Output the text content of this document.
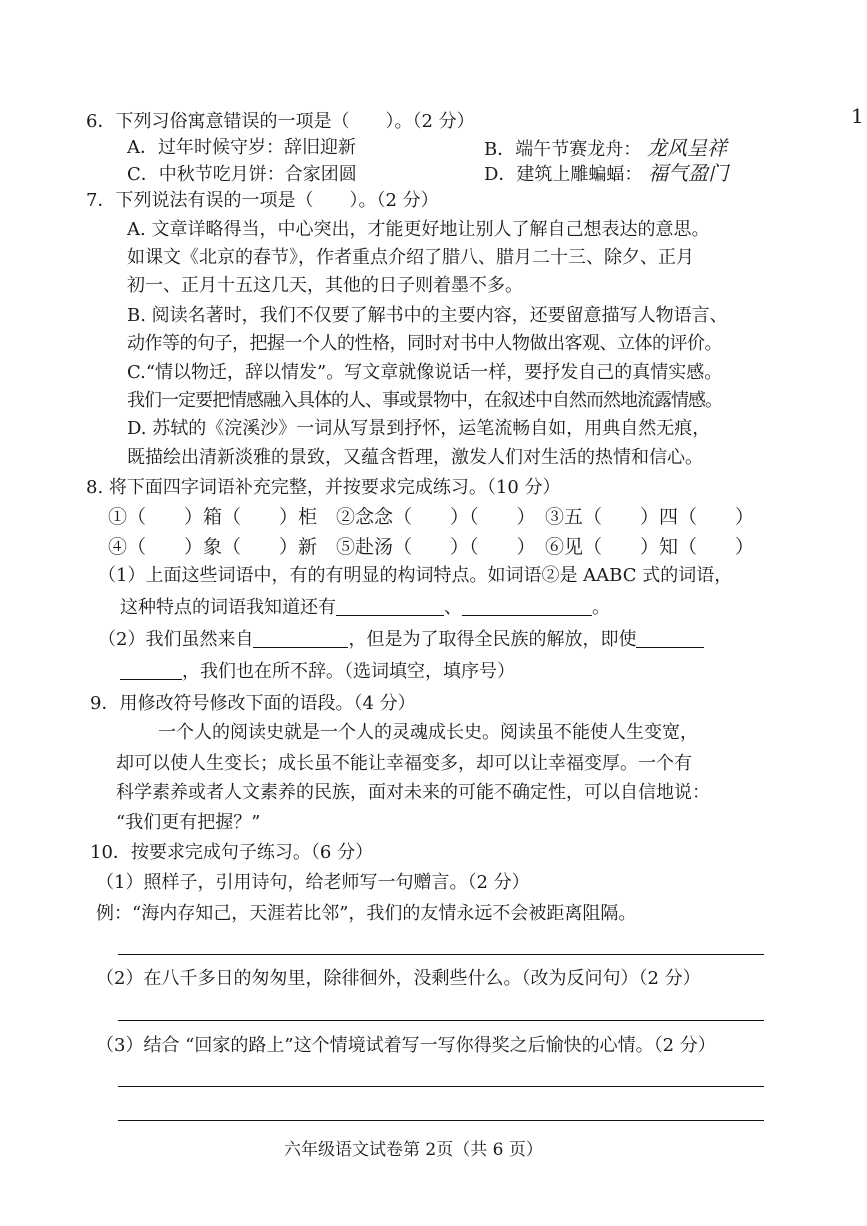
1
6．下列习俗寓意错误的一项是（　　）。（2 分）
A．过年时候守岁：辞旧迎新	B．端午节赛龙舟： 龙风呈祥
C．中秋节吃月饼：合家团圆	D．建筑上雕蝙蝠： 福气盈门
7．下列说法有误的一项是（　　）。（2 分）
A. 文章详略得当，中心突出，才能更好地让别人了解自己想表达的意思。
如课文《北京的春节》，作者重点介绍了腊八、腊月二十三、除夕、正月
初一、正月十五这几天，其他的日子则着墨不多。
B. 阅读名著时，我们不仅要了解书中的主要内容，还要留意描写人物语言、
动作等的句子，把握一个人的性格，同时对书中人物做出客观、立体的评价。
C.“情以物迁，辞以情发”。写文章就像说话一样，要抒发自己的真情实感。
我们一定要把情感融入具体的人、事或景物中，在叙述中自然而然地流露情感。
D. 苏轼的《浣溪沙》一词从写景到抒怀，运笔流畅自如，用典自然无痕，
既描绘出清新淡雅的景致，又蕴含哲理，激发人们对生活的热情和信心。
8. 将下面四字词语补充完整，并按要求完成练习。（10 分）
①（　　）箱（　　）柜　②念念（　　）（　　）　③五（　　）四（　　）
④（　　）象（　　）新　⑤赴汤（　　）（　　）　⑥见（　　）知（　　）
（1）上面这些词语中，有的有明显的构词特点。如词语②是 AABC 式的词语，
这种特点的词语我知道还有	、	。
（2）我们虽然来自	，但是为了取得全民族的解放，即使
，我们也在所不辞。（选词填空，填序号）
9．用修改符号修改下面的语段。（4 分）
一个人的阅读史就是一个人的灵魂成长史。阅读虽不能使人生变宽，
却可以使人生变长；成长虽不能让幸福变多，却可以让幸福变厚。一个有
科学素养或者人文素养的民族，面对未来的可能不确定性，可以自信地说：
“我们更有把握？”
10．按要求完成句子练习。（6 分）
（1）照样子，引用诗句，给老师写一句赠言。（2 分）
例：“海内存知己，天涯若比邻”，我们的友情永远不会被距离阻隔。
（2）在八千多日的匆匆里，除徘徊外，没剩些什么。（改为反问句）（2 分）
（3）结合 “回家的路上”这个情境试着写一写你得奖之后愉快的心情。（2 分）
六年级语文试卷第 2页（共 6 页）
